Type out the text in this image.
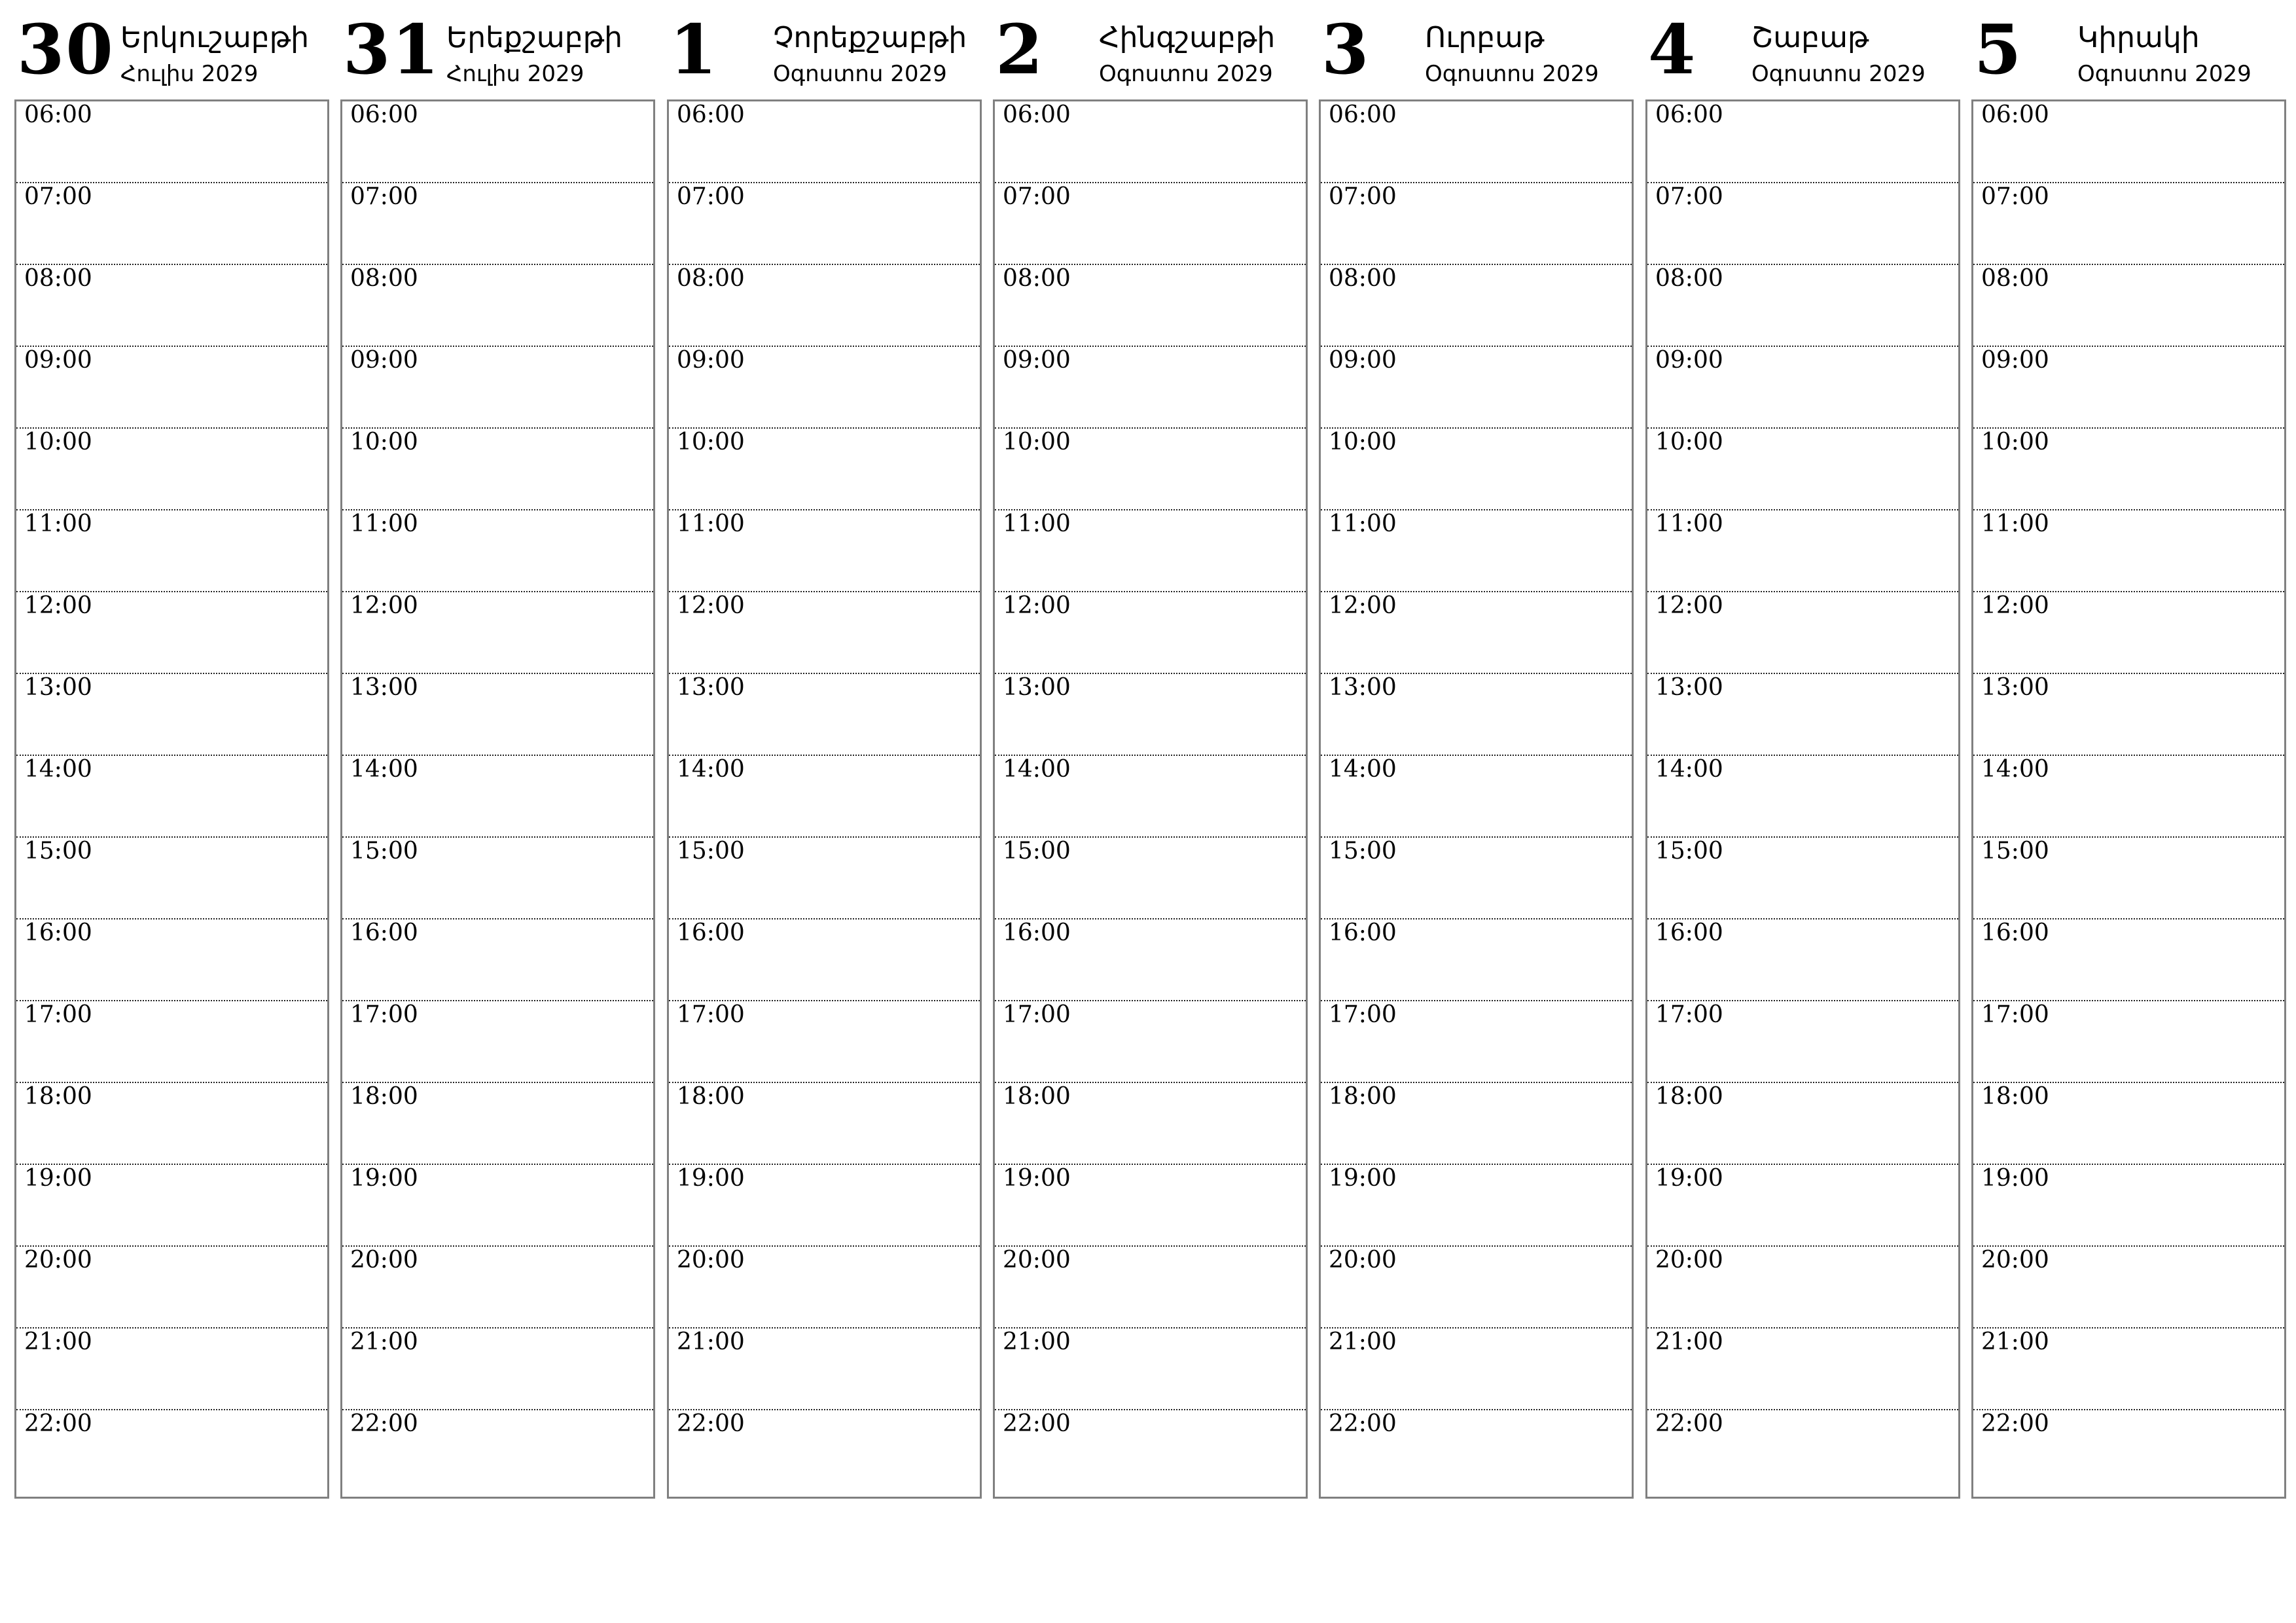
30 Երկուշաբթի
Հուլիս 2029
06:00
07:00
08:00
09:00
10:00
11:00
12:00
13:00
14:00
15:00
16:00
17:00
18:00
19:00
20:00
21:00
22:00
31 Երեքշաբթի
Հուլիս 2029
06:00
07:00
08:00
09:00
10:00
11:00
12:00
13:00
14:00
15:00
16:00
17:00
18:00
19:00
20:00
21:00
22:00
1 Չորեքշաբթի
Օգոստոս 2029
06:00
07:00
08:00
09:00
10:00
11:00
12:00
13:00
14:00
15:00
16:00
17:00
18:00
19:00
20:00
21:00
22:00
2 Հինգշաբթի
Օգոստոս 2029
06:00
07:00
08:00
09:00
10:00
11:00
12:00
13:00
14:00
15:00
16:00
17:00
18:00
19:00
20:00
21:00
22:00
3 Ուրբաթ
Օգոստոս 2029
06:00
07:00
08:00
09:00
10:00
11:00
12:00
13:00
14:00
15:00
16:00
17:00
18:00
19:00
20:00
21:00
22:00
4 Շաբաթ
Օգոստոս 2029
06:00
07:00
08:00
09:00
10:00
11:00
12:00
13:00
14:00
15:00
16:00
17:00
18:00
19:00
20:00
21:00
22:00
5 Կիրակի
Օգոստոս 2029
06:00
07:00
08:00
09:00
10:00
11:00
12:00
13:00
14:00
15:00
16:00
17:00
18:00
19:00
20:00
21:00
22:00
